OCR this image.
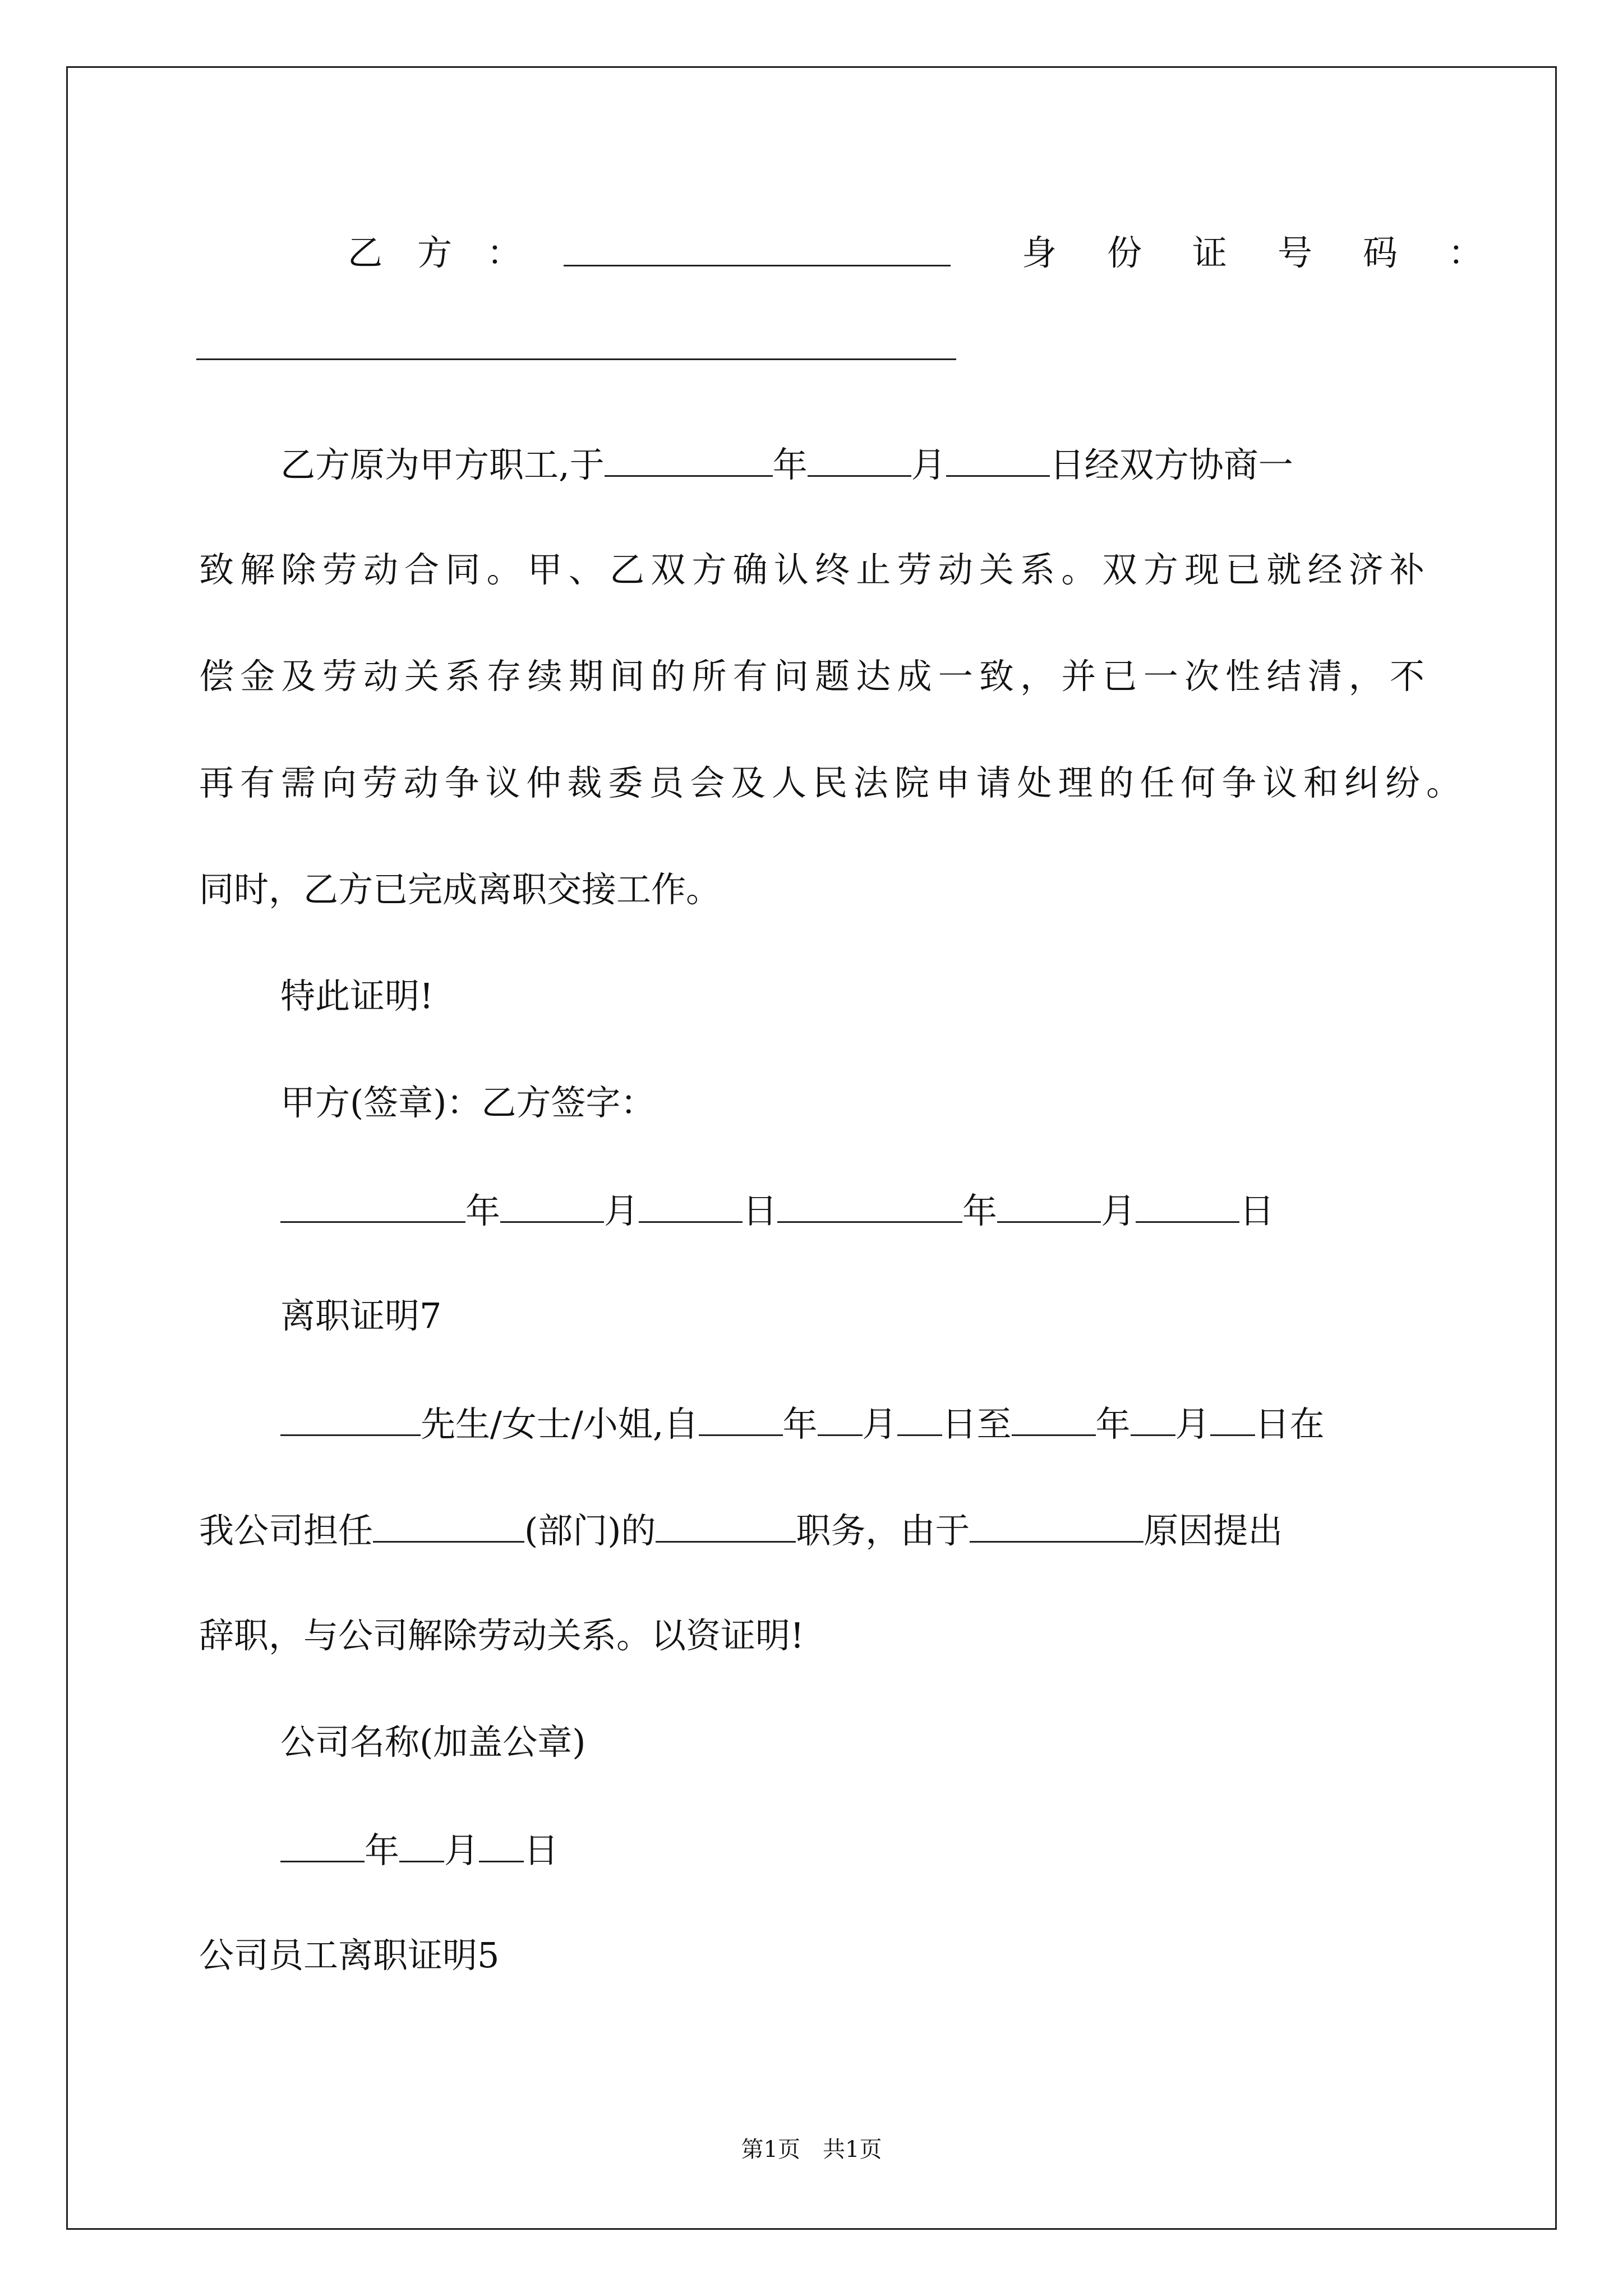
乙　方　：	身　份　证　号　码　：
乙方原为甲方职工,于	年	月	日经双方协商一
致解除劳动合同。甲、乙双方确认终止劳动关系。双方现已就经济补
偿金及劳动关系存续期间的所有问题达成一致，并已一次性结清，不
再有需向劳动争议仲裁委员会及人民法院申请处理的任何争议和纠纷。
同时，乙方已完成离职交接工作。
特此证明!
甲方(签章)：乙方签字：
年	月	日	年	月	日
离职证明7
先生/女士/小姐,自 年 月 日至 年 月 日在
我公司担任	(部门)的	职务，由于	原因提出
辞职，与公司解除劳动关系。以资证明!
公司名称(加盖公章)
年 月 日
公司员工离职证明5
第1页　共1页
